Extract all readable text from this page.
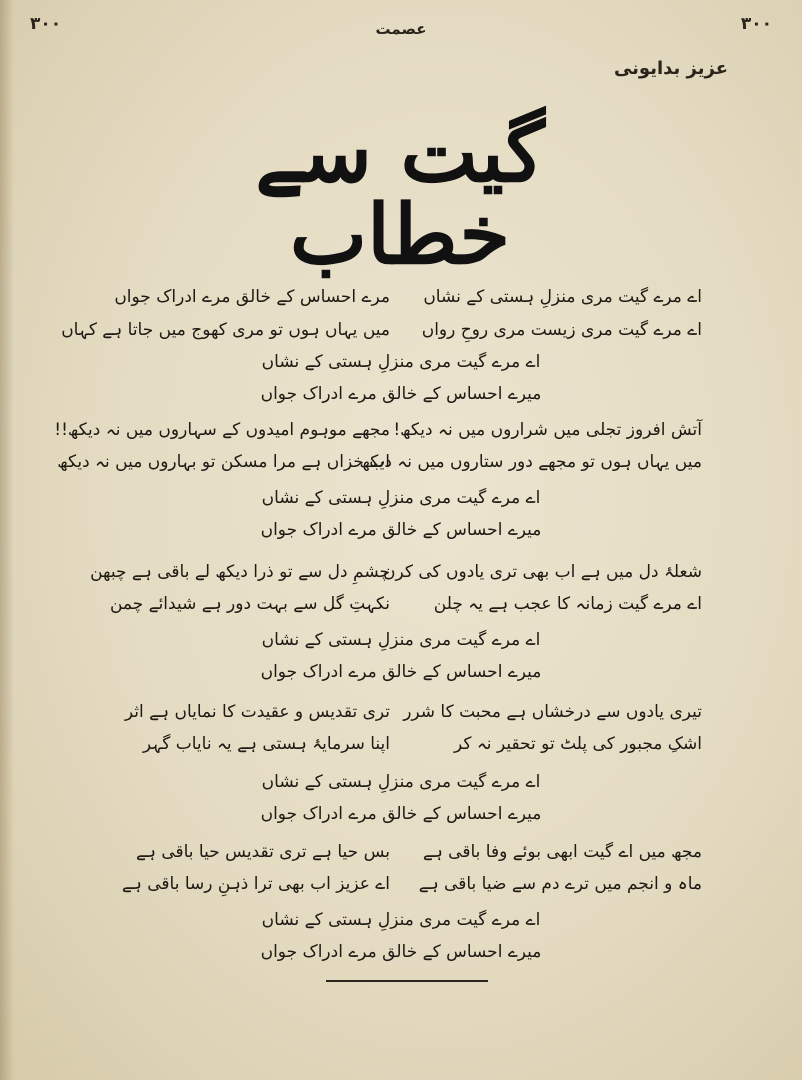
٣٠٠	عصمت	٣٠٠
عزیز بدایونی
گیت سے خطاب
اے مرے گیت مری منزلِ ہستی کے نشاں
مرے احساس کے خالق مرے ادراک جواں
اے مرے گیت مری زیست مری روحِ رواں
میں یہاں ہوں تو مری کھوج میں جاتا ہے کہاں
اے مرے گیت مری منزلِ ہستی کے نشاں
میرے احساس کے خالق مرے ادراک جواں
آتش افروز تجلی میں شراروں میں نہ دیکھ!
مجھے موہوم امیدوں کے سہاروں میں نہ دیکھ!!
میں یہاں ہوں تو مجھے دور ستاروں میں نہ دیکھ
اب خزاں ہے مرا مسکن تو بہاروں میں نہ دیکھ
اے مرے گیت مری منزلِ ہستی کے نشاں
میرے احساس کے خالق مرے ادراک جواں
شعلۂ دل میں ہے اب بھی تری یادوں کی کرن
چشمِ دل سے تو ذرا دیکھ لے باقی ہے چبھن
اے مرے گیت زمانہ کا عجب ہے یہ چلن
نکہتِ گل سے بہت دور ہے شیدائے چمن
اے مرے گیت مری منزلِ ہستی کے نشاں
میرے احساس کے خالق مرے ادراک جواں
تیری یادوں سے درخشاں ہے محبت کا شرر
تری تقدیس و عقیدت کا نمایاں ہے اثر
اشکِ مجبور کی پلٹ تو تحقیر نہ کر
اپنا سرمایۂ ہستی ہے یہ نایاب گہر
اے مرے گیت مری منزلِ ہستی کے نشاں
میرے احساس کے خالق مرے ادراک جواں
مجھ میں اے گیت ابھی بوئے وفا باقی ہے
بس حیا ہے تری تقدیس حیا باقی ہے
ماہ و انجم میں ترے دم سے ضیا باقی ہے
اے عزیز اب بھی ترا ذہنِ رسا باقی ہے
اے مرے گیت مری منزلِ ہستی کے نشاں
میرے احساس کے خالق مرے ادراک جواں
